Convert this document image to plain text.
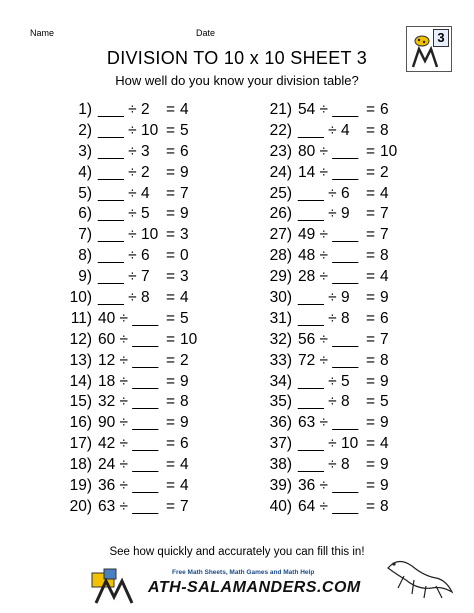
Name	Date	3
DIVISION TO 10 x 10 SHEET 3
How well do you know your division table?
1) ___ ÷ 2 = 4
2) ___ ÷ 10 = 5
3) ___ ÷ 3 = 6
4) ___ ÷ 2 = 9
5) ___ ÷ 4 = 7
6) ___ ÷ 5 = 9
7) ___ ÷ 10 = 3
8) ___ ÷ 6 = 0
9) ___ ÷ 7 = 3
10) ___ ÷ 8 = 4
11) 40 ÷ ___ = 5
12) 60 ÷ ___ = 10
13) 12 ÷ ___ = 2
14) 18 ÷ ___ = 9
15) 32 ÷ ___ = 8
16) 90 ÷ ___ = 9
17) 42 ÷ ___ = 6
18) 24 ÷ ___ = 4
19) 36 ÷ ___ = 4
20) 63 ÷ ___ = 7
21) 54 ÷ ___ = 6
22) ___ ÷ 4 = 8
23) 80 ÷ ___ = 10
24) 14 ÷ ___ = 2
25) ___ ÷ 6 = 4
26) ___ ÷ 9 = 7
27) 49 ÷ ___ = 7
28) 48 ÷ ___ = 8
29) 28 ÷ ___ = 4
30) ___ ÷ 9 = 9
31) ___ ÷ 8 = 6
32) 56 ÷ ___ = 7
33) 72 ÷ ___ = 8
34) ___ ÷ 5 = 9
35) ___ ÷ 8 = 5
36) 63 ÷ ___ = 9
37) ___ ÷ 10 = 4
38) ___ ÷ 8 = 9
39) 36 ÷ ___ = 9
40) 64 ÷ ___ = 8
See how quickly and accurately you can fill this in!
Free Math Sheets, Math Games and Math Help
ATH-SALAMANDERS.COM
